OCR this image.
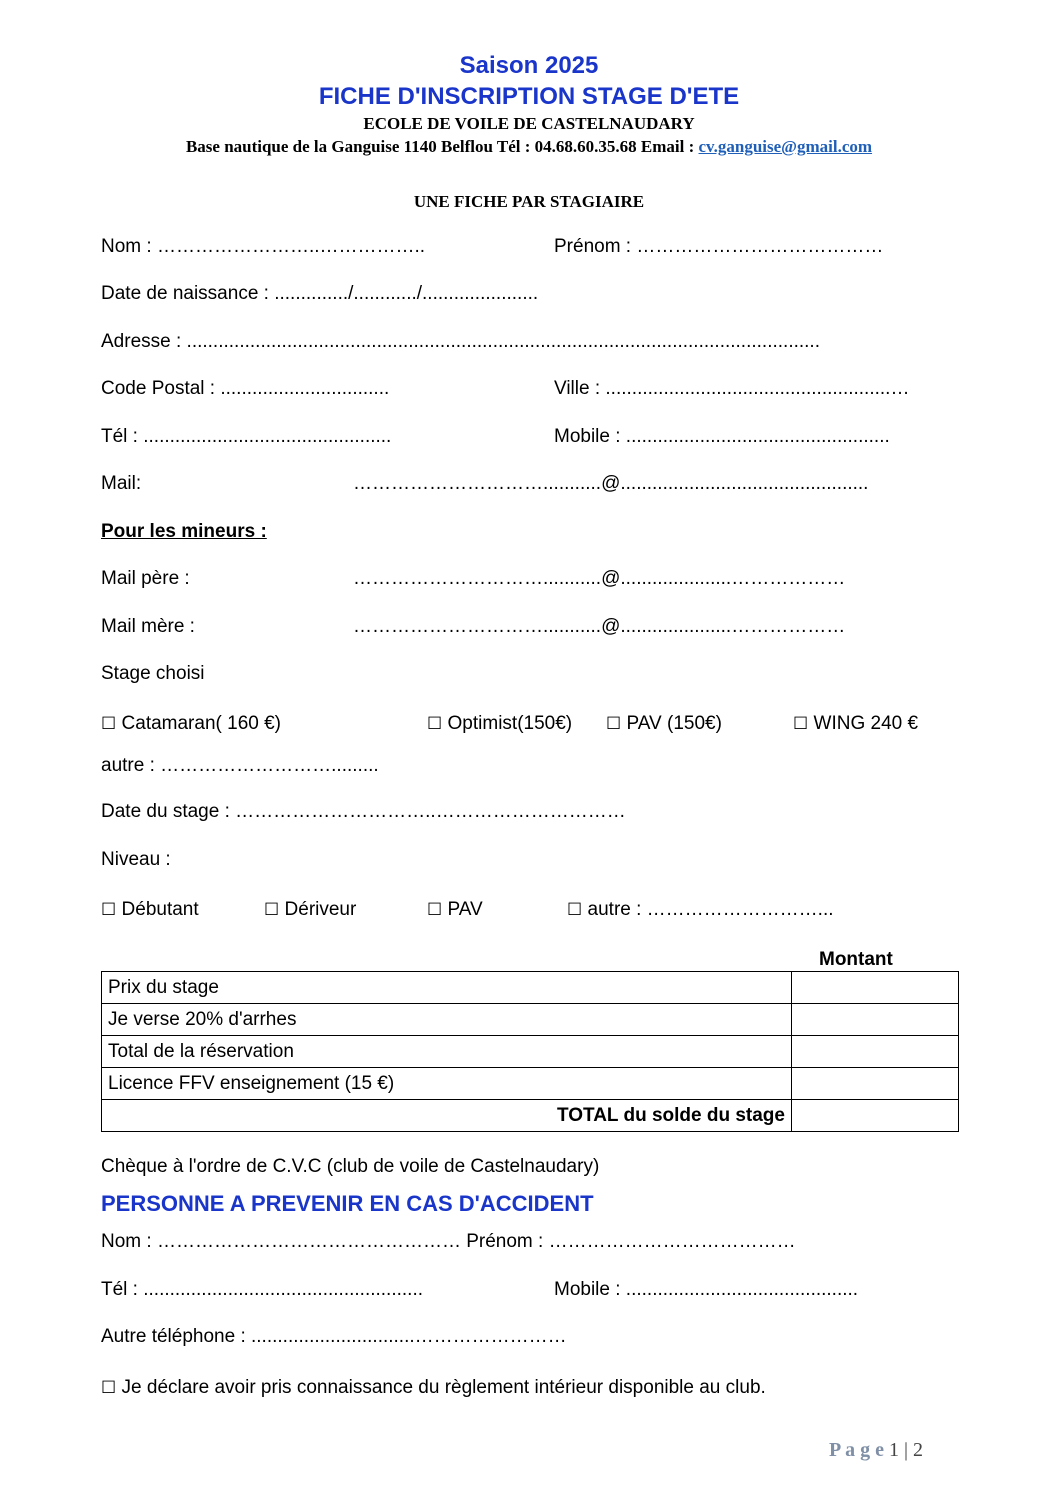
Saison 2025
FICHE D'INSCRIPTION STAGE D'ETE
ECOLE DE VOILE DE CASTELNAUDARY
Base nautique de la Ganguise 1140 Belflou Tél : 04.68.60.35.68 Email : cv.ganguise@gmail.com
UNE FICHE PAR STAGIAIRE
Nom : ……………………..……………..	Prénom : …………………………………
Date de naissance : ............../............/......................
Adresse : ........................................................................................................................
Code Postal : ................................	Ville : ......................................................…
Tél : ...............................................	Mobile : ..................................................
Mail:	…………………………...........@...............................................
Pour les mineurs :
Mail père :	…………………………...........@.....................………………
Mail mère :	…………………………...........@.....................………………
Stage choisi
☐ Catamaran( 160 €)	☐ Optimist(150€) ☐ PAV (150€)	☐ WING 240 €
autre : ……………………….........
Date du stage : …………………………..…………………………
Niveau :
☐ Débutant	☐ Dériveur	☐ PAV	☐ autre : ………………………...
Montant
Prix du stage	
Je verse 20% d'arrhes	
Total de la réservation	
Licence FFV enseignement (15 €)	
TOTAL du solde du stage	
Chèque à l'ordre de C.V.C (club de voile de Castelnaudary)
PERSONNE A PREVENIR EN CAS D'ACCIDENT
Nom : ………………………………………… Prénom : …………………………………
Tél : .....................................................	Mobile : ............................................
Autre téléphone : ...............................……………………
☐ Je déclare avoir pris connaissance du règlement intérieur disponible au club.
P a g e 1 | 2
